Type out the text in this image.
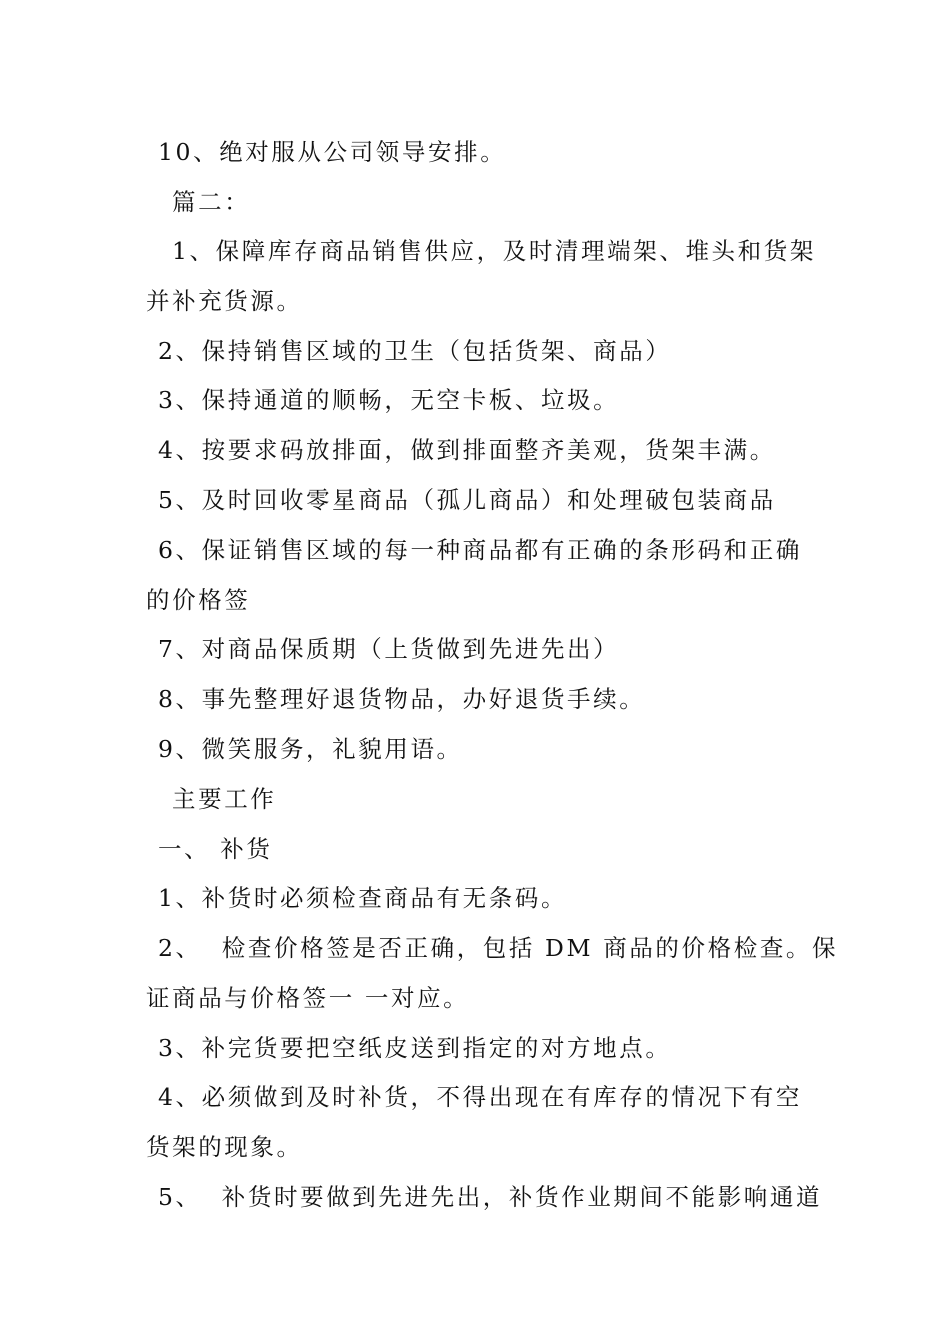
10、绝对服从公司领导安排。
篇二：
1、保障库存商品销售供应，及时清理端架、堆头和货架
并补充货源。
2、保持销售区域的卫生（包括货架、商品）
3、保持通道的顺畅，无空卡板、垃圾。
4、按要求码放排面，做到排面整齐美观，货架丰满。
5、及时回收零星商品（孤儿商品）和处理破包装商品
6、保证销售区域的每一种商品都有正确的条形码和正确
的价格签
7、对商品保质期（上货做到先进先出）
8、事先整理好退货物品，办好退货手续。
9、微笑服务，礼貌用语。
主要工作
一、 补货
1、补货时必须检查商品有无条码。
2、  检查价格签是否正确，包括 DM 商品的价格检查。保
证商品与价格签一 一对应。
3、补完货要把空纸皮送到指定的对方地点。
4、必须做到及时补货，不得出现在有库存的情况下有空
货架的现象。
5、  补货时要做到先进先出，补货作业期间不能影响通道
